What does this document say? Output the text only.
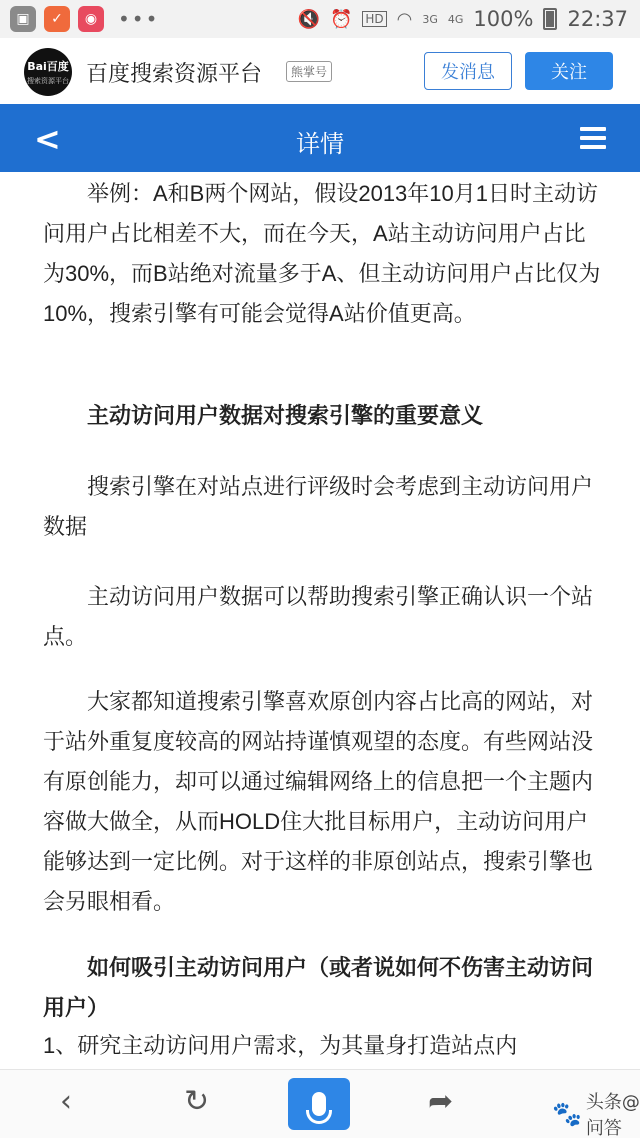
▣	✓	◉	•••	🔇 ⏰ HD ◠ 3G 4G 100% 22:37
Bai百度
搜索资源平台 百度搜索资源平台	熊掌号	发消息	关注
<	详情
举例：A和B两个网站，假设2013年10月1日时主动访问用户占比相差不大，而在今天，A站主动访问用户占比为30%，而B站绝对流量多于A、但主动访问用户占比仅为10%，搜索引擎有可能会觉得A站价值更高。
主动访问用户数据对搜索引擎的重要意义
搜索引擎在对站点进行评级时会考虑到主动访问用户数据
主动访问用户数据可以帮助搜索引擎正确认识一个站点。
大家都知道搜索引擎喜欢原创内容占比高的网站，对于站外重复度较高的网站持谨慎观望的态度。有些网站没有原创能力，却可以通过编辑网络上的信息把一个主题内容做大做全，从而HOLD住大批目标用户，主动访问用户能够达到一定比例。对于这样的非原创站点，搜索引擎也会另眼相看。
如何吸引主动访问用户（或者说如何不伤害主动访问用户）
1、研究主动访问用户需求，为其量身打造站点内
‹	↻	➦	🐾 头条@问答
